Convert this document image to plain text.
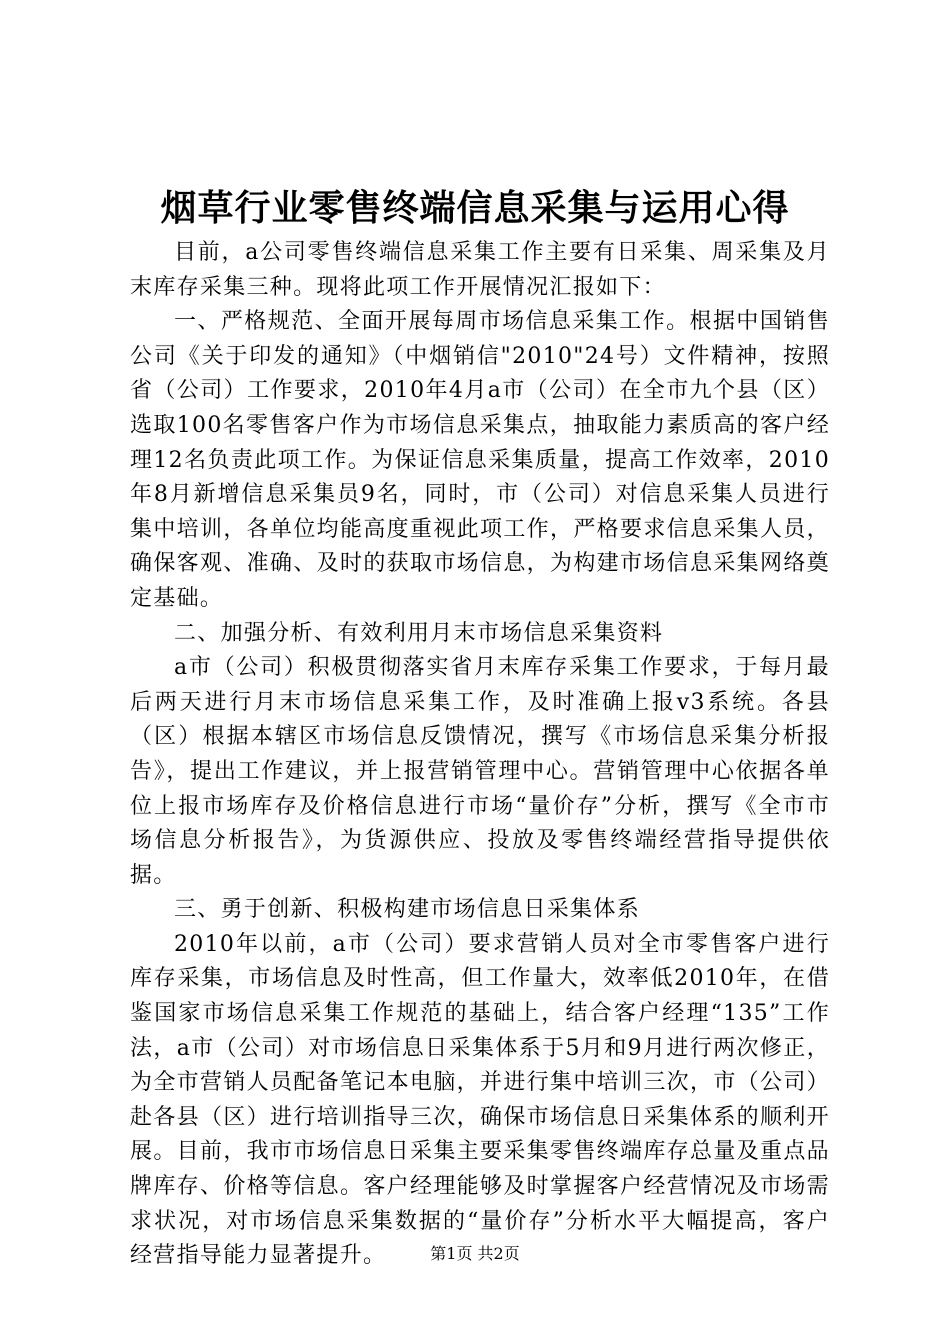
烟草行业零售终端信息采集与运用心得

目前，a公司零售终端信息采集工作主要有日采集、周采集及月末库存采集三种。现将此项工作开展情况汇报如下：

一、严格规范、全面开展每周市场信息采集工作。根据中国销售公司《关于印发的通知》（中烟销信"2010"24号）文件精神，按照省（公司）工作要求，2010年4月a市（公司）在全市九个县（区）选取100名零售客户作为市场信息采集点，抽取能力素质高的客户经理12名负责此项工作。为保证信息采集质量，提高工作效率，2010年8月新增信息采集员9名，同时，市（公司）对信息采集人员进行集中培训，各单位均能高度重视此项工作，严格要求信息采集人员，确保客观、准确、及时的获取市场信息，为构建市场信息采集网络奠定基础。

二、加强分析、有效利用月末市场信息采集资料

a市（公司）积极贯彻落实省月末库存采集工作要求，于每月最后两天进行月末市场信息采集工作，及时准确上报v3系统。各县（区）根据本辖区市场信息反馈情况，撰写《市场信息采集分析报告》，提出工作建议，并上报营销管理中心。营销管理中心依据各单位上报市场库存及价格信息进行市场“量价存”分析，撰写《全市市场信息分析报告》，为货源供应、投放及零售终端经营指导提供依据。

三、勇于创新、积极构建市场信息日采集体系

2010年以前，a市（公司）要求营销人员对全市零售客户进行库存采集，市场信息及时性高，但工作量大，效率低2010年，在借鉴国家市场信息采集工作规范的基础上，结合客户经理“135”工作法，a市（公司）对市场信息日采集体系于5月和9月进行两次修正，为全市营销人员配备笔记本电脑，并进行集中培训三次，市（公司）赴各县（区）进行培训指导三次，确保市场信息日采集体系的顺利开展。目前，我市市场信息日采集主要采集零售终端库存总量及重点品牌库存、价格等信息。客户经理能够及时掌握客户经营情况及市场需求状况，对市场信息采集数据的“量价存”分析水平大幅提高，客户经营指导能力显著提升。	第1页 共2页
